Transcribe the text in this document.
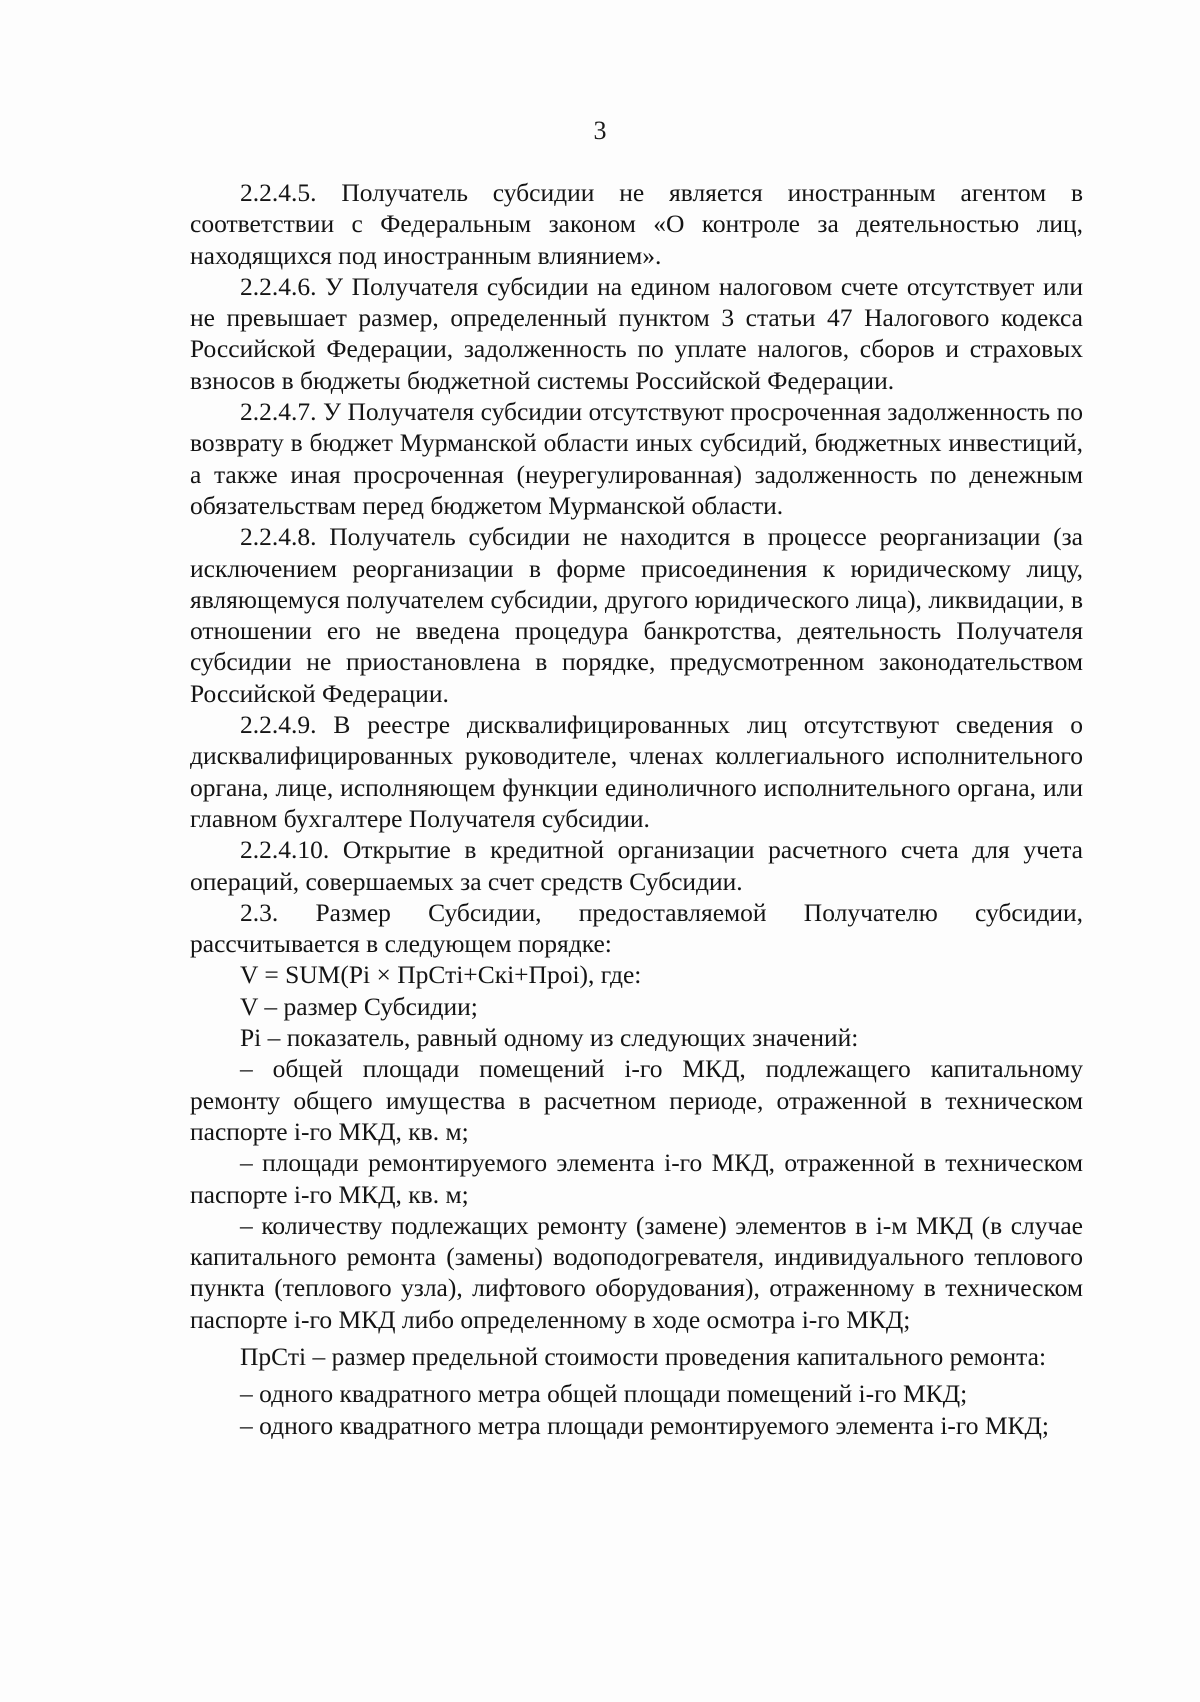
3

2.2.4.5. Получатель субсидии не является иностранным агентом в соответствии с Федеральным законом «О контроле за деятельностью лиц, находящихся под иностранным влиянием».

2.2.4.6. У Получателя субсидии на едином налоговом счете отсутствует или не превышает размер, определенный пунктом 3 статьи 47 Налогового кодекса Российской Федерации, задолженность по уплате налогов, сборов и страховых взносов в бюджеты бюджетной системы Российской Федерации.

2.2.4.7. У Получателя субсидии отсутствуют просроченная задолженность по возврату в бюджет Мурманской области иных субсидий, бюджетных инвестиций, а также иная просроченная (неурегулированная) задолженность по денежным обязательствам перед бюджетом Мурманской области.

2.2.4.8. Получатель субсидии не находится в процессе реорганизации (за исключением реорганизации в форме присоединения к юридическому лицу, являющемуся получателем субсидии, другого юридического лица), ликвидации, в отношении его не введена процедура банкротства, деятельность Получателя субсидии не приостановлена в порядке, предусмотренном законодательством Российской Федерации.

2.2.4.9. В реестре дисквалифицированных лиц отсутствуют сведения о дисквалифицированных руководителе, членах коллегиального исполнительного органа, лице, исполняющем функции единоличного исполнительного органа, или главном бухгалтере Получателя субсидии.

2.2.4.10. Открытие в кредитной организации расчетного счета для учета операций, совершаемых за счет средств Субсидии.

2.3. Размер Субсидии, предоставляемой Получателю субсидии, рассчитывается в следующем порядке:

V = SUM(Pi × ПрСтi+Скi+Проi), где:

V – размер Субсидии;

Pi – показатель, равный одному из следующих значений:

– общей площади помещений i-го МКД, подлежащего капитальному ремонту общего имущества в расчетном периоде, отраженной в техническом паспорте i-го МКД, кв. м;

– площади ремонтируемого элемента i-го МКД, отраженной в техническом паспорте i-го МКД, кв. м;

– количеству подлежащих ремонту (замене) элементов в i-м МКД (в случае капитального ремонта (замены) водоподогревателя, индивидуального теплового пункта (теплового узла), лифтового оборудования), отраженному в техническом паспорте i-го МКД либо определенному в ходе осмотра i-го МКД;

ПрСтi – размер предельной стоимости проведения капитального ремонта:

– одного квадратного метра общей площади помещений i-го МКД;

– одного квадратного метра площади ремонтируемого элемента i-го МКД;
